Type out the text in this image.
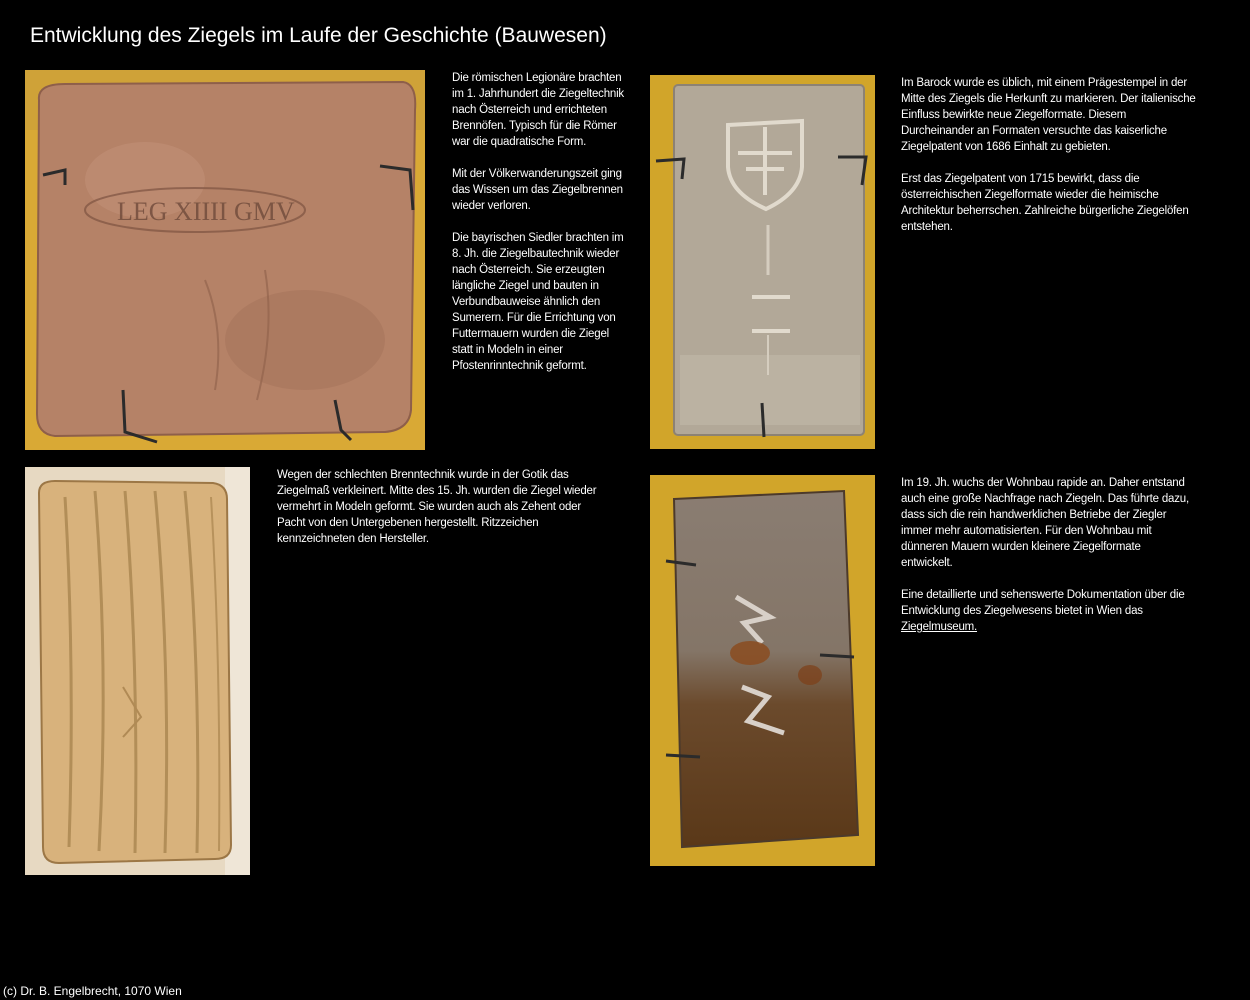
Entwicklung des Ziegels im Laufe der Geschichte (Bauwesen)
LEG XIIII GMV

Die römischen Legionäre brachten im 1. Jahrhundert die Ziegeltechnik nach Österreich und errichteten Brennöfen. Typisch für die Römer war die quadratische Form.

Mit der Völkerwanderungszeit ging das Wissen um das Ziegelbrennen wieder verloren.

Die bayrischen Siedler brachten im 8. Jh. die Ziegelbautechnik wieder nach Österreich. Sie erzeugten längliche Ziegel und bauten in Verbundbauweise ähnlich den Sumerern. Für die Errichtung von Futtermauern wurden die Ziegel statt in Modeln in einer Pfostenrinntechnik geformt.

Im Barock wurde es üblich, mit einem Prägestempel in der Mitte des Ziegels die Herkunft zu markieren. Der italienische Einfluss bewirkte neue Ziegelformate. Diesem Durcheinander an Formaten versuchte das kaiserliche Ziegelpatent von 1686 Einhalt zu gebieten.

Erst das Ziegelpatent von 1715 bewirkt, dass die österreichischen Ziegelformate wieder die heimische Architektur beherrschen. Zahlreiche bürgerliche Ziegelöfen entstehen.

Wegen der schlechten Brenntechnik wurde in der Gotik das Ziegelmaß verkleinert. Mitte des 15. Jh. wurden die Ziegel wieder vermehrt in Modeln geformt. Sie wurden auch als Zehent oder Pacht von den Untergebenen hergestellt. Ritzzeichen kennzeichneten den Hersteller.

Im 19. Jh. wuchs der Wohnbau rapide an. Daher entstand auch eine große Nachfrage nach Ziegeln. Das führte dazu, dass sich die rein handwerklichen Betriebe der Ziegler immer mehr automatisierten. Für den Wohnbau mit dünneren Mauern wurden kleinere Ziegelformate entwickelt.

Eine detaillierte und sehenswerte Dokumentation über die Entwicklung des Ziegelwesens bietet in Wien das
Ziegelmuseum.

(c) Dr. B. Engelbrecht, 1070 Wien
